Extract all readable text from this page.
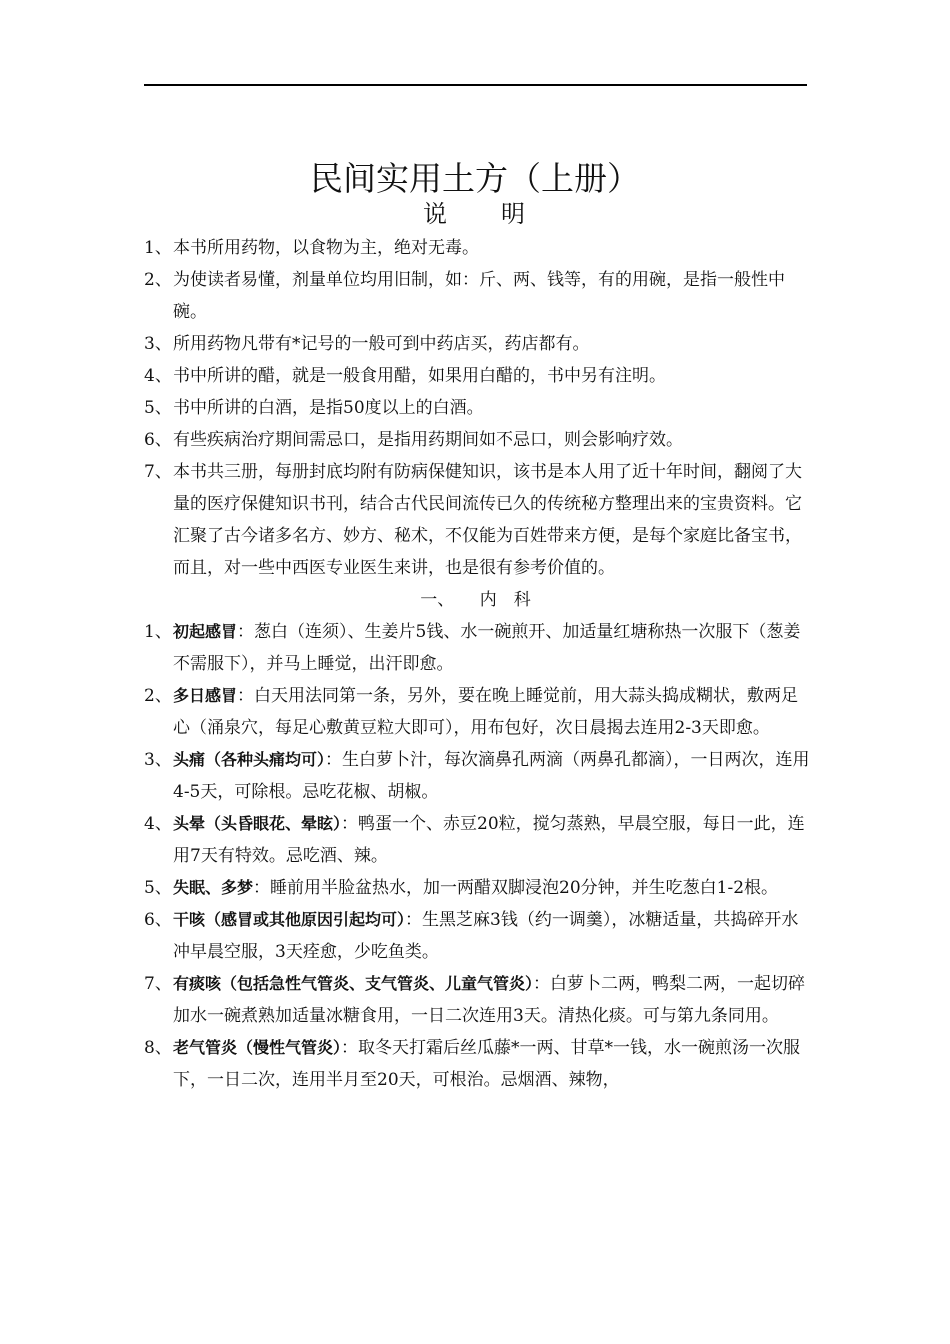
民间实用土方（上册）
说　　明
1、 本书所用药物，以食物为主，绝对无毒。
2、 为使读者易懂，剂量单位均用旧制，如：斤、两、钱等，有的用碗，是指一般性中碗。
3、 所用药物凡带有*记号的一般可到中药店买，药店都有。
4、 书中所讲的醋，就是一般食用醋，如果用白醋的，书中另有注明。
5、 书中所讲的白酒，是指50度以上的白酒。
6、 有些疾病治疗期间需忌口，是指用药期间如不忌口，则会影响疗效。
7、 本书共三册，每册封底均附有防病保健知识，该书是本人用了近十年时间，翻阅了大量的医疗保健知识书刊，结合古代民间流传已久的传统秘方整理出来的宝贵资料。它汇聚了古今诸多名方、妙方、秘术，不仅能为百姓带来方便，是每个家庭比备宝书，而且，对一些中西医专业医生来讲，也是很有参考价值的。
一、　　内　科
1、 初起感冒：葱白（连须）、生姜片5钱、水一碗煎开、加适量红塘称热一次服下（葱姜不需服下），并马上睡觉，出汗即愈。
2、 多日感冒：白天用法同第一条，另外，要在晚上睡觉前，用大蒜头捣成糊状，敷两足心（涌泉穴，每足心敷黄豆粒大即可），用布包好，次日晨揭去连用2-3天即愈。
3、 头痛（各种头痛均可）：生白萝卜汁，每次滴鼻孔两滴（两鼻孔都滴），一日两次，连用4-5天，可除根。忌吃花椒、胡椒。
4、 头晕（头昏眼花、晕眩）：鸭蛋一个、赤豆20粒，搅匀蒸熟，早晨空服，每日一此，连用7天有特效。忌吃酒、辣。
5、 失眠、多梦：睡前用半脸盆热水，加一两醋双脚浸泡20分钟，并生吃葱白1-2根。
6、 干咳（感冒或其他原因引起均可）：生黑芝麻3钱（约一调羹），冰糖适量，共捣碎开水冲早晨空服，3天痊愈，少吃鱼类。
7、 有痰咳（包括急性气管炎、支气管炎、儿童气管炎）：白萝卜二两，鸭梨二两，一起切碎加水一碗煮熟加适量冰糖食用，一日二次连用3天。清热化痰。可与第九条同用。
8、 老气管炎（慢性气管炎）：取冬天打霜后丝瓜藤*一两、甘草*一钱，水一碗煎汤一次服下，一日二次，连用半月至20天，可根治。忌烟酒、辣物，
